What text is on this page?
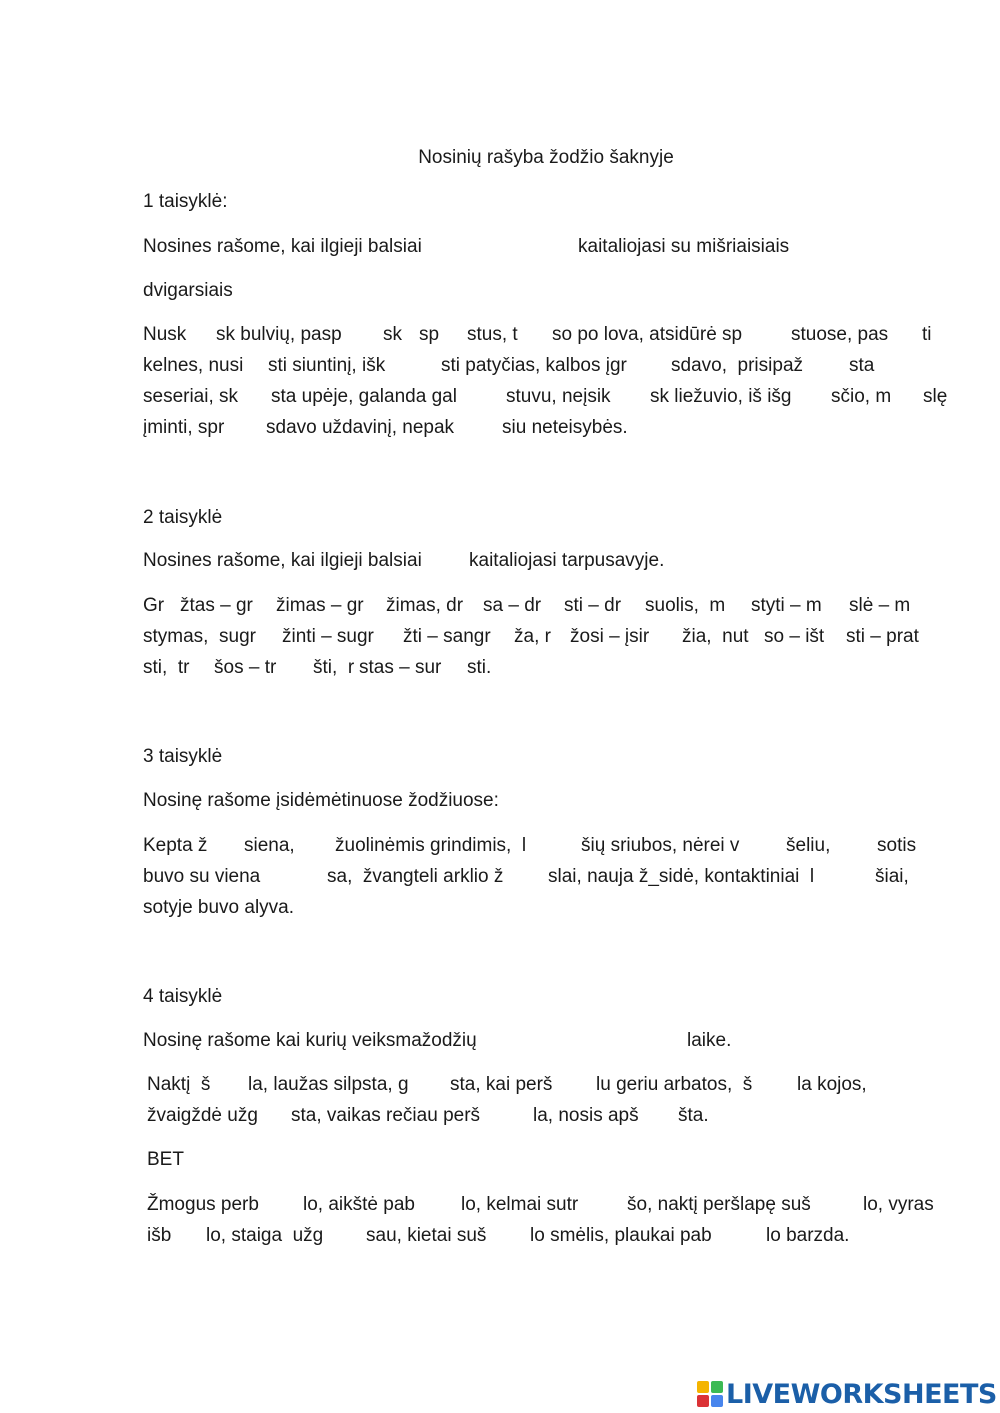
Nosinių rašyba žodžio šaknyje
1 taisyklė:
Nosines rašome, kai ilgieji balsiai	kaitaliojasi su mišriaisiais
dvigarsiais
Nusk sk bulvių, pasp sk sp stus, t so po lova, atsidūrė sp	stuose, pas ti
kelnes, nusi sti siuntinį, išk	sti patyčias, kalbos įgr sdavo,  prisipaž sta
seseriai, sk sta upėje, galanda gal	stuvu, neįsik sk liežuvio, iš išg sčio, m slę
įminti, spr sdavo uždavinį, nepak	siu neteisybės.
2 taisyklė
Nosines rašome, kai ilgieji balsiai kaitaliojasi tarpusavyje.
Gr žtas – gr žimas – gr žimas, dr sa – dr sti – dr suolis,  m styti – m slė – m
stymas,  sugr žinti – sugr žti – sangr ža, r žosi – įsir žia,  nut so – išt sti – prat
sti,  tr šos – tr šti,  r stas – sur sti.
3 taisyklė
Nosinę rašome įsidėmėtinuose žodžiuose:
Kepta ž siena, žuolinėmis grindimis,  l	šių sriubos, nėrei v šeliu, sotis
buvo su viena	sa,  žvangteli arklio ž slai, nauja ž_sidė, kontaktiniai  l	šiai,
sotyje buvo alyva.
4 taisyklė
Nosinę rašome kai kurių veiksmažodžių	laike.
Naktį  š la, laužas silpsta, g sta, kai perš lu geriu arbatos,  š la kojos,
žvaigždė užg sta, vaikas rečiau perš	la, nosis apš šta.
BET
Žmogus perb lo, aikštė pab lo, kelmai sutr	šo, naktį peršlapę suš	lo, vyras
išb lo, staiga  užg sau, kietai suš lo smėlis, plaukai pab	lo barzda.
LIVEWORKSHEETS
